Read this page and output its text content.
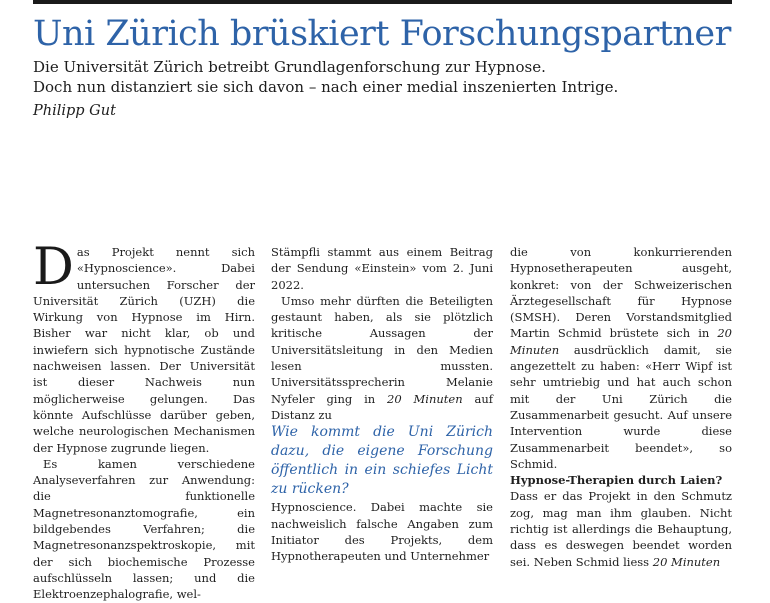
Uni Zürich brüskiert Forschungspartner

Die Universität Zürich betreibt Grundlagenforschung zur Hypnose.

Doch nun distanziert sie sich davon – nach einer medial inszenierten Intrige.

Philipp Gut

Das Projekt nennt sich «Hypnoscience». Dabei untersuchen Forscher der Universität Zürich (UZH) die Wirkung von Hypnose im Hirn. Bisher war nicht klar, ob und inwiefern sich hypnotische Zustände nachweisen lassen. Der Universität ist dieser Nachweis nun möglicherweise gelungen. Das könnte Aufschlüsse darüber geben, welche neurologischen Mechanismen der Hypnose zugrunde liegen.

Es kamen verschiedene Analyseverfahren zur Anwendung: die funktionelle Magnetresonanztomografie, ein bildgebendes Verfahren; die Magnetresonanzspektroskopie, mit der sich biochemische Prozesse aufschlüsseln lassen; und die Elektroenzephalografie, wel-

Stämpfli stammt aus einem Beitrag der Sendung «Einstein» vom 2. Juni 2022.

Umso mehr dürften die Beteiligten gestaunt haben, als sie plötzlich kritische Aussagen der Universitätsleitung in den Medien lesen mussten. Universitätssprecherin Melanie Nyfeler ging in 20 Minuten auf Distanz zu

Wie kommt die Uni Zürich dazu, die eigene Forschung öffentlich in ein schiefes Licht zu rücken?

Hypnoscience. Dabei machte sie nachweislich falsche Angaben zum Initiator des Projekts, dem Hypnotherapeuten und Unternehmer

die von konkurrierenden Hypnosetherapeuten ausgeht, konkret: von der Schweizerischen Ärztegesellschaft für Hypnose (SMSH). Deren Vorstandsmitglied Martin Schmid brüstete sich in 20 Minuten ausdrücklich damit, sie angezettelt zu haben: «Herr Wipf ist sehr umtriebig und hat auch schon mit der Uni Zürich die Zusammenarbeit gesucht. Auf unsere Intervention wurde diese Zusammenarbeit beendet», so Schmid.

Hypnose-Therapien durch Laien?

Dass er das Projekt in den Schmutz zog, mag man ihm glauben. Nicht richtig ist allerdings die Behauptung, dass es deswegen beendet worden sei. Neben Schmid liess 20 Minuten
